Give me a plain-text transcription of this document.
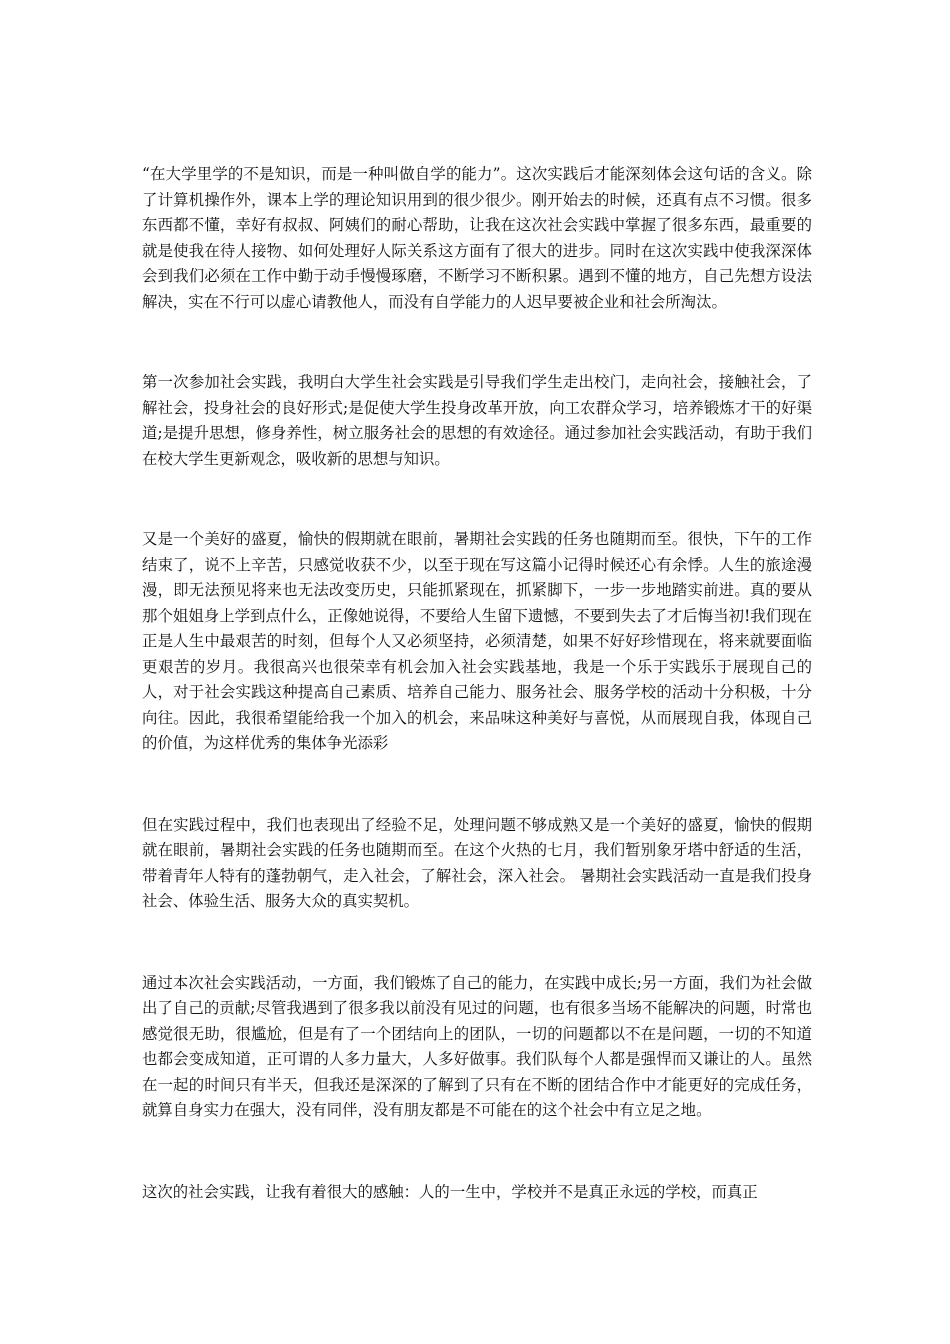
“在大学里学的不是知识，而是一种叫做自学的能力”。这次实践后才能深刻体会这句话的含义。除了计算机操作外，课本上学的理论知识用到的很少很少。刚开始去的时候，还真有点不习惯。很多东西都不懂，幸好有叔叔、阿姨们的耐心帮助，让我在这次社会实践中掌握了很多东西，最重要的就是使我在待人接物、如何处理好人际关系这方面有了很大的进步。同时在这次实践中使我深深体会到我们必须在工作中勤于动手慢慢琢磨，不断学习不断积累。遇到不懂的地方，自己先想方设法解决，实在不行可以虚心请教他人，而没有自学能力的人迟早要被企业和社会所淘汰。

第一次参加社会实践，我明白大学生社会实践是引导我们学生走出校门，走向社会，接触社会，了解社会，投身社会的良好形式;是促使大学生投身改革开放，向工农群众学习，培养锻炼才干的好渠道;是提升思想，修身养性，树立服务社会的思想的有效途径。通过参加社会实践活动，有助于我们在校大学生更新观念，吸收新的思想与知识。

又是一个美好的盛夏，愉快的假期就在眼前，暑期社会实践的任务也随期而至。很快，下午的工作结束了，说不上辛苦，只感觉收获不少，以至于现在写这篇小记得时候还心有余悸。人生的旅途漫漫，即无法预见将来也无法改变历史，只能抓紧现在，抓紧脚下，一步一步地踏实前进。真的要从那个姐姐身上学到点什么，正像她说得，不要给人生留下遗憾，不要到失去了才后悔当初!我们现在正是人生中最艰苦的时刻，但每个人又必须坚持，必须清楚，如果不好好珍惜现在，将来就要面临更艰苦的岁月。我很高兴也很荣幸有机会加入社会实践基地，我是一个乐于实践乐于展现自己的人，对于社会实践这种提高自己素质、培养自己能力、服务社会、服务学校的活动十分积极，十分向往。因此，我很希望能给我一个加入的机会，来品味这种美好与喜悦，从而展现自我，体现自己的价值，为这样优秀的集体争光添彩

但在实践过程中，我们也表现出了经验不足，处理问题不够成熟又是一个美好的盛夏，愉快的假期就在眼前，暑期社会实践的任务也随期而至。在这个火热的七月，我们暂别象牙塔中舒适的生活，带着青年人特有的蓬勃朝气，走入社会，了解社会，深入社会。 暑期社会实践活动一直是我们投身社会、体验生活、服务大众的真实契机。

通过本次社会实践活动，一方面，我们锻炼了自己的能力，在实践中成长;另一方面，我们为社会做出了自己的贡献;尽管我遇到了很多我以前没有见过的问题，也有很多当场不能解决的问题，时常也感觉很无助，很尴尬，但是有了一个团结向上的团队，一切的问题都以不在是问题，一切的不知道也都会变成知道，正可谓的人多力量大，人多好做事。我们队每个人都是强悍而又谦让的人。虽然在一起的时间只有半天，但我还是深深的了解到了只有在不断的团结合作中才能更好的完成任务，就算自身实力在强大，没有同伴，没有朋友都是不可能在的这个社会中有立足之地。

这次的社会实践，让我有着很大的感触：人的一生中，学校并不是真正永远的学校，而真正
